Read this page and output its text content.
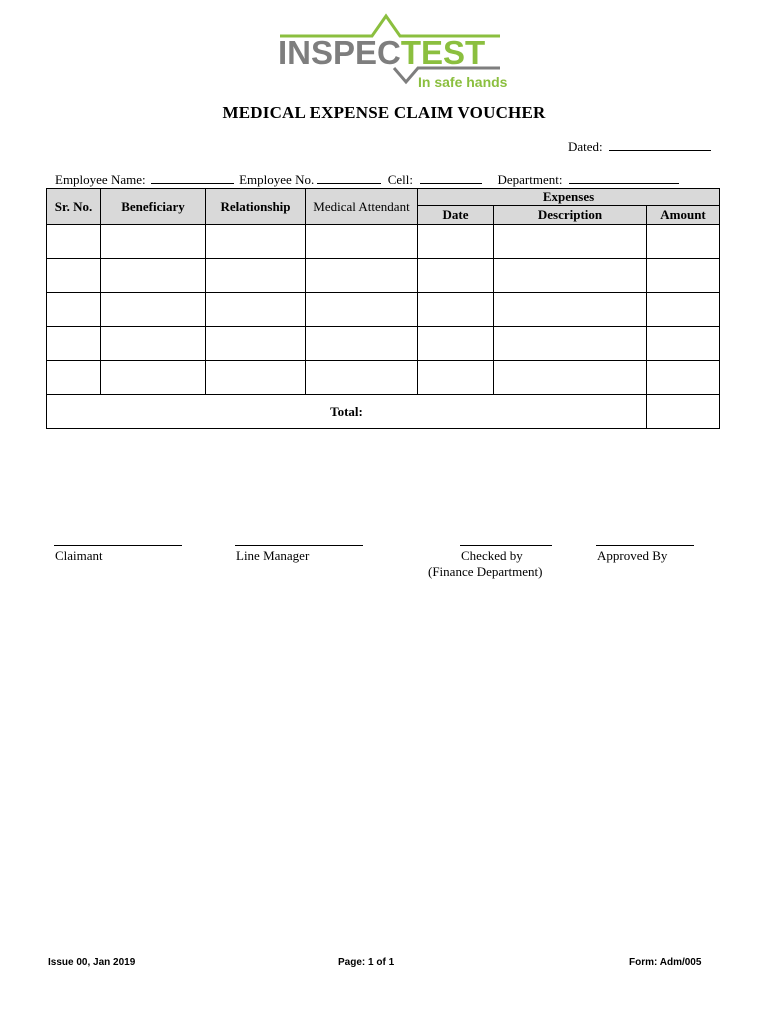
INSPECTEST
In safe hands
MEDICAL EXPENSE CLAIM VOUCHER
Dated:
Employee Name:	Employee No.	Cell:	Department:
Sr. No.	Beneficiary	Relationship	Medical Attendant	Expenses		
				Date	Description	Amount

Total:						
Claimant	Line Manager	Checked by
(Finance Department)
Approved By
Issue 00, Jan 2019	Page: 1 of 1	Form: Adm/005
